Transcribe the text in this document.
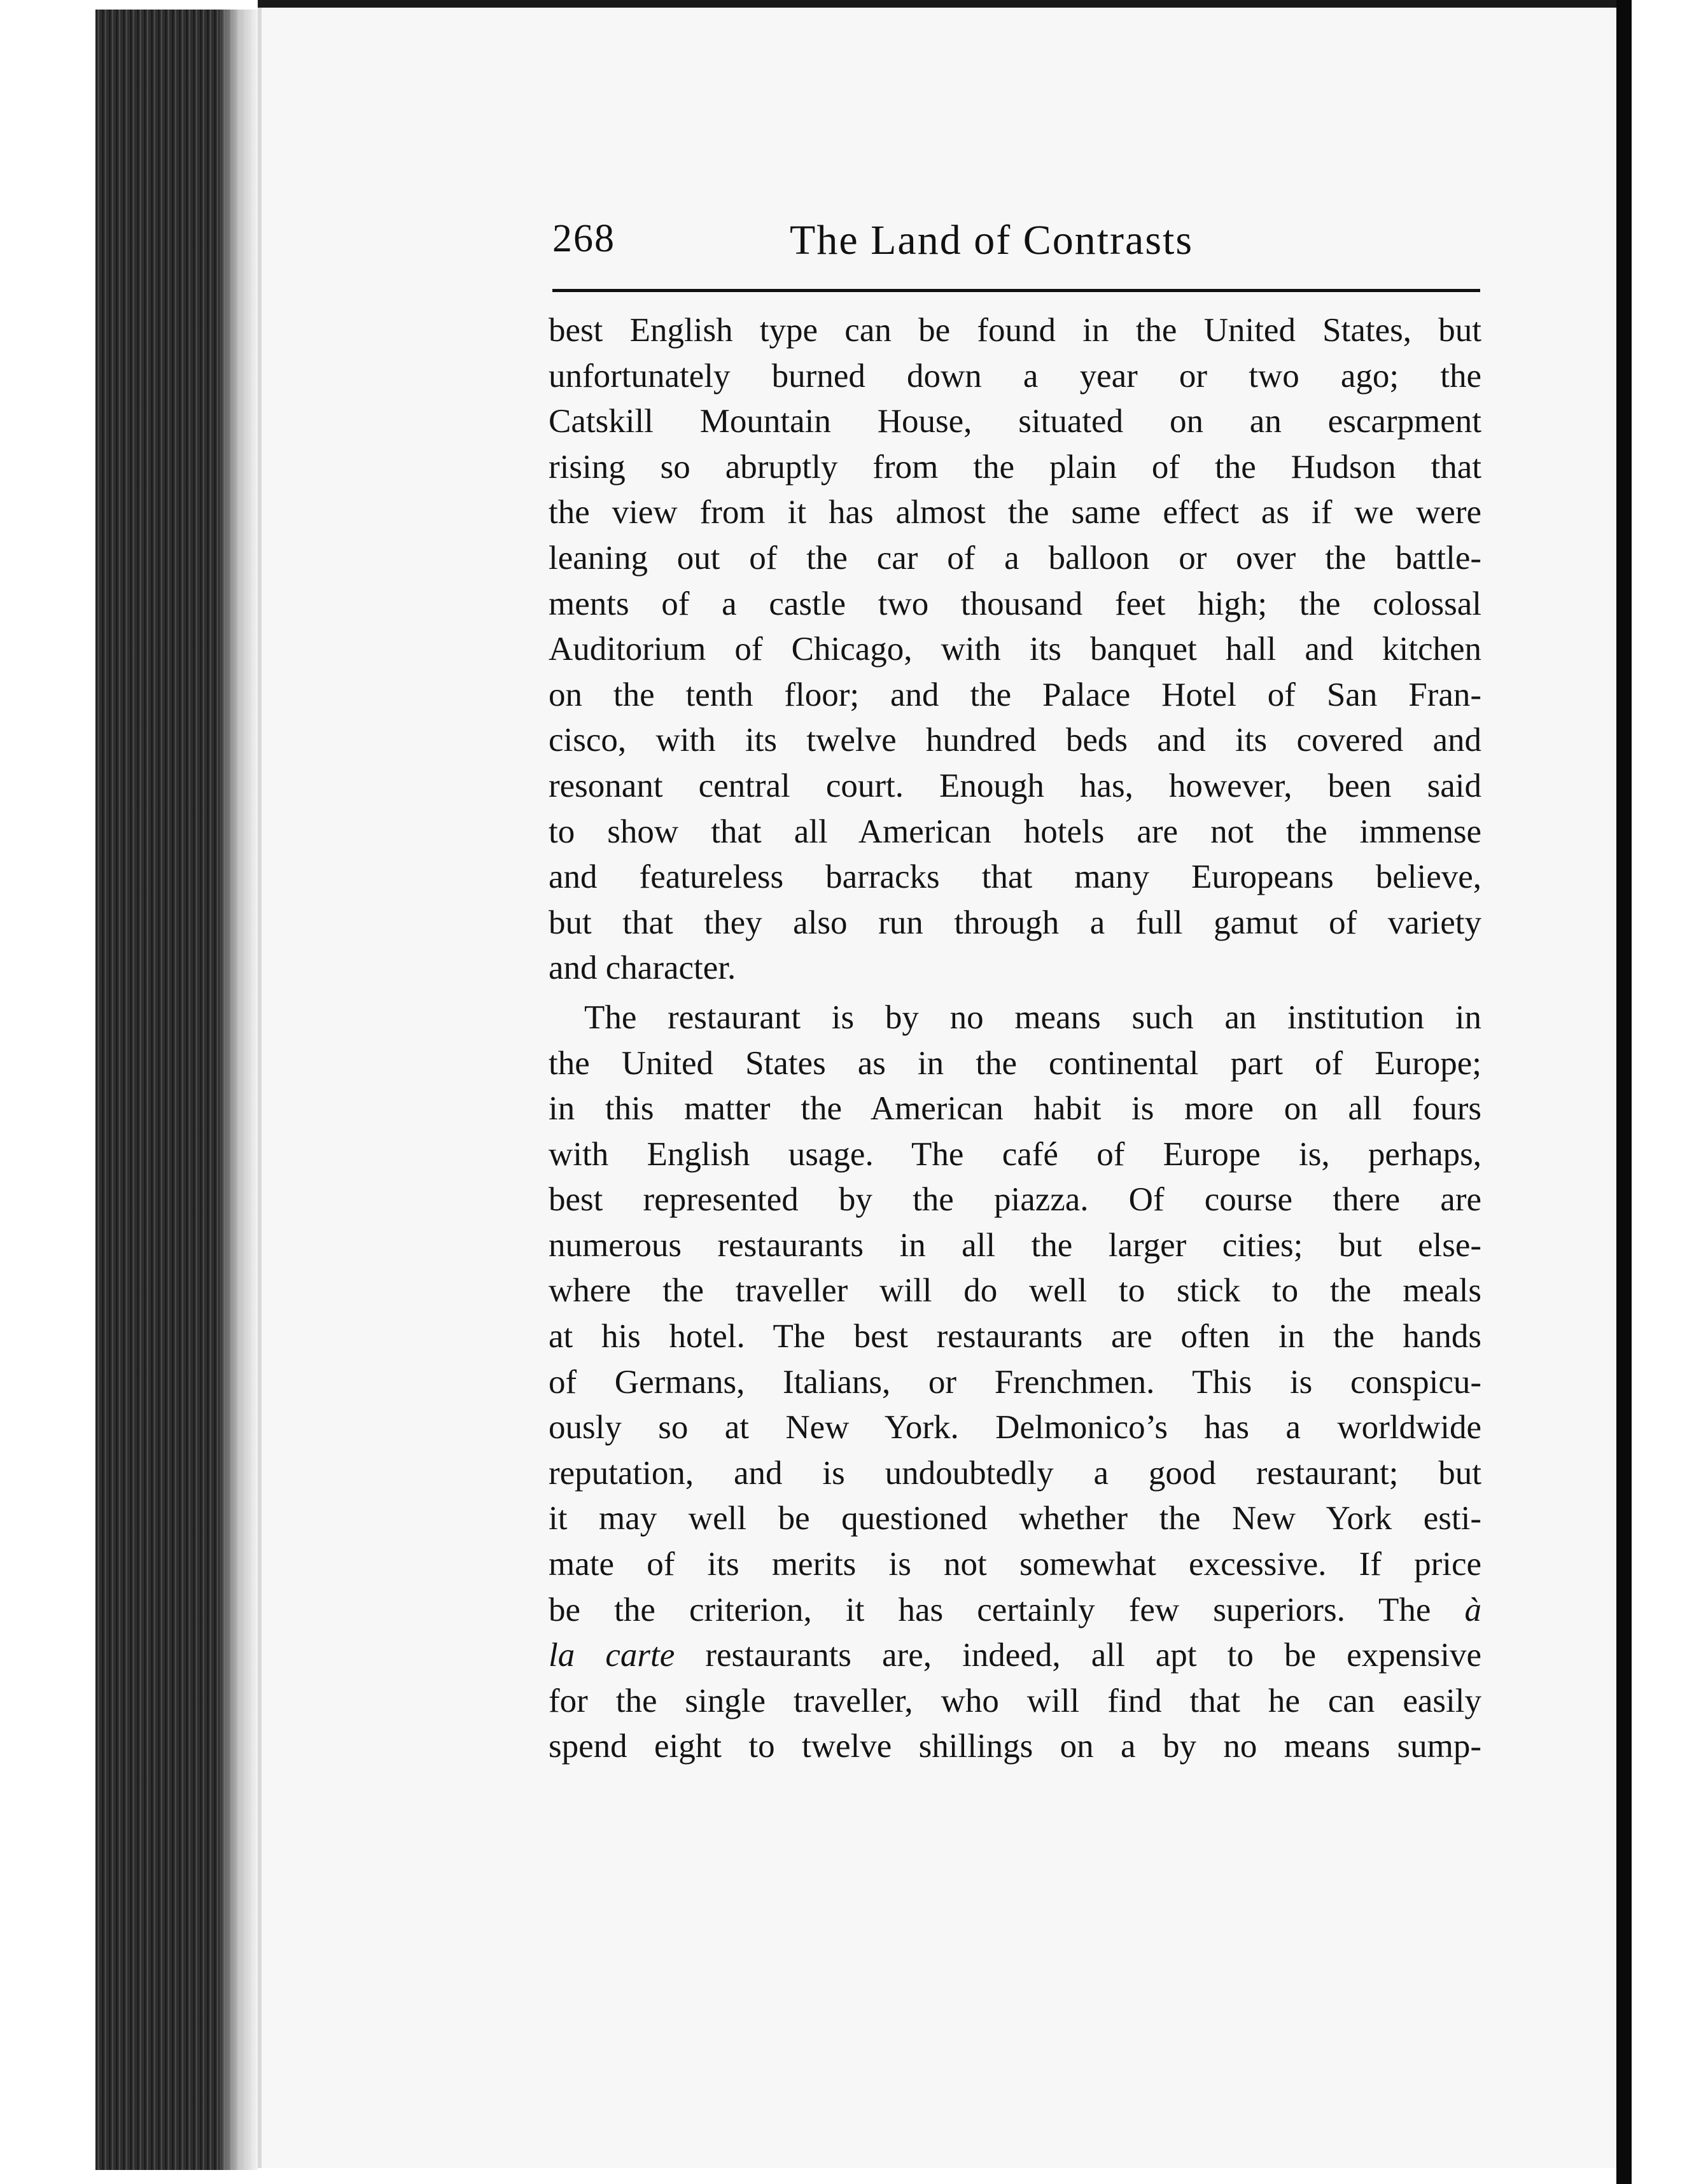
268	The Land of Contrasts
best English type can be found in the United States, but
unfortunately burned down a year or two ago; the
Catskill Mountain House, situated on an escarpment
rising so abruptly from the plain of the Hudson that
the view from it has almost the same effect as if we were
leaning out of the car of a balloon or over the battle-
ments of a castle two thousand feet high; the colossal
Auditorium of Chicago, with its banquet hall and kitchen
on the tenth floor; and the Palace Hotel of San Fran-
cisco, with its twelve hundred beds and its covered and
resonant central court. Enough has, however, been said
to show that all American hotels are not the immense
and featureless barracks that many Europeans believe,
but that they also run through a full gamut of variety
and character.
The restaurant is by no means such an institution in
the United States as in the continental part of Europe;
in this matter the American habit is more on all fours
with English usage. The café of Europe is, perhaps,
best represented by the piazza. Of course there are
numerous restaurants in all the larger cities; but else-
where the traveller will do well to stick to the meals
at his hotel. The best restaurants are often in the hands
of Germans, Italians, or Frenchmen. This is conspicu-
ously so at New York. Delmonico’s has a worldwide
reputation, and is undoubtedly a good restaurant; but
it may well be questioned whether the New York esti-
mate of its merits is not somewhat excessive. If price
be the criterion, it has certainly few superiors. The à
la carte restaurants are, indeed, all apt to be expensive
for the single traveller, who will find that he can easily
spend eight to twelve shillings on a by no means sump-
